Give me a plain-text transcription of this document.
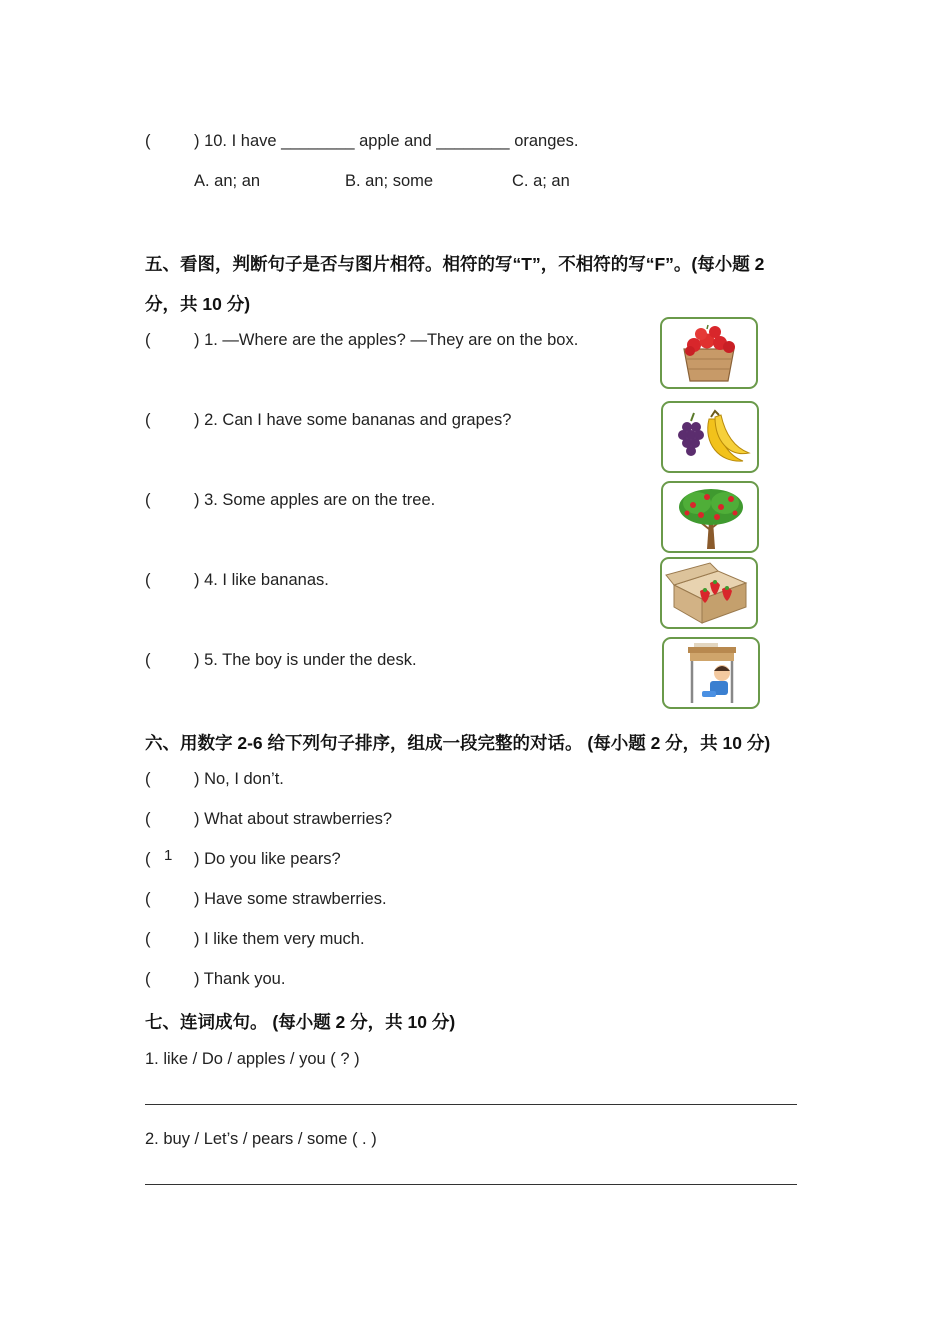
(	) 10. I have ________ apple and ________ oranges.
A. an; an	B. an; some	C. a; an
五、看图，判断句子是否与图片相符。相符的写“T”，不相符的写“F”。(每小题 2
分，共 10 分)
(	) 1. —Where are the apples? —They are on the box.
(	) 2. Can I have some bananas and grapes?
(	) 3. Some apples are on the tree.
(	) 4. I like bananas.
(	) 5. The boy is under the desk.
六、用数字 2-6 给下列句子排序，组成一段完整的对话。 (每小题 2 分，共 10 分)
(	) No, I don’t.
(	) What about strawberries?
( 1 ) Do you like pears?
(	) Have some strawberries.
(	) I like them very much.
(	) Thank you.
七、连词成句。 (每小题 2 分，共 10 分)
1. like / Do / apples / you ( ? )
2. buy / Let’s / pears / some ( . )
